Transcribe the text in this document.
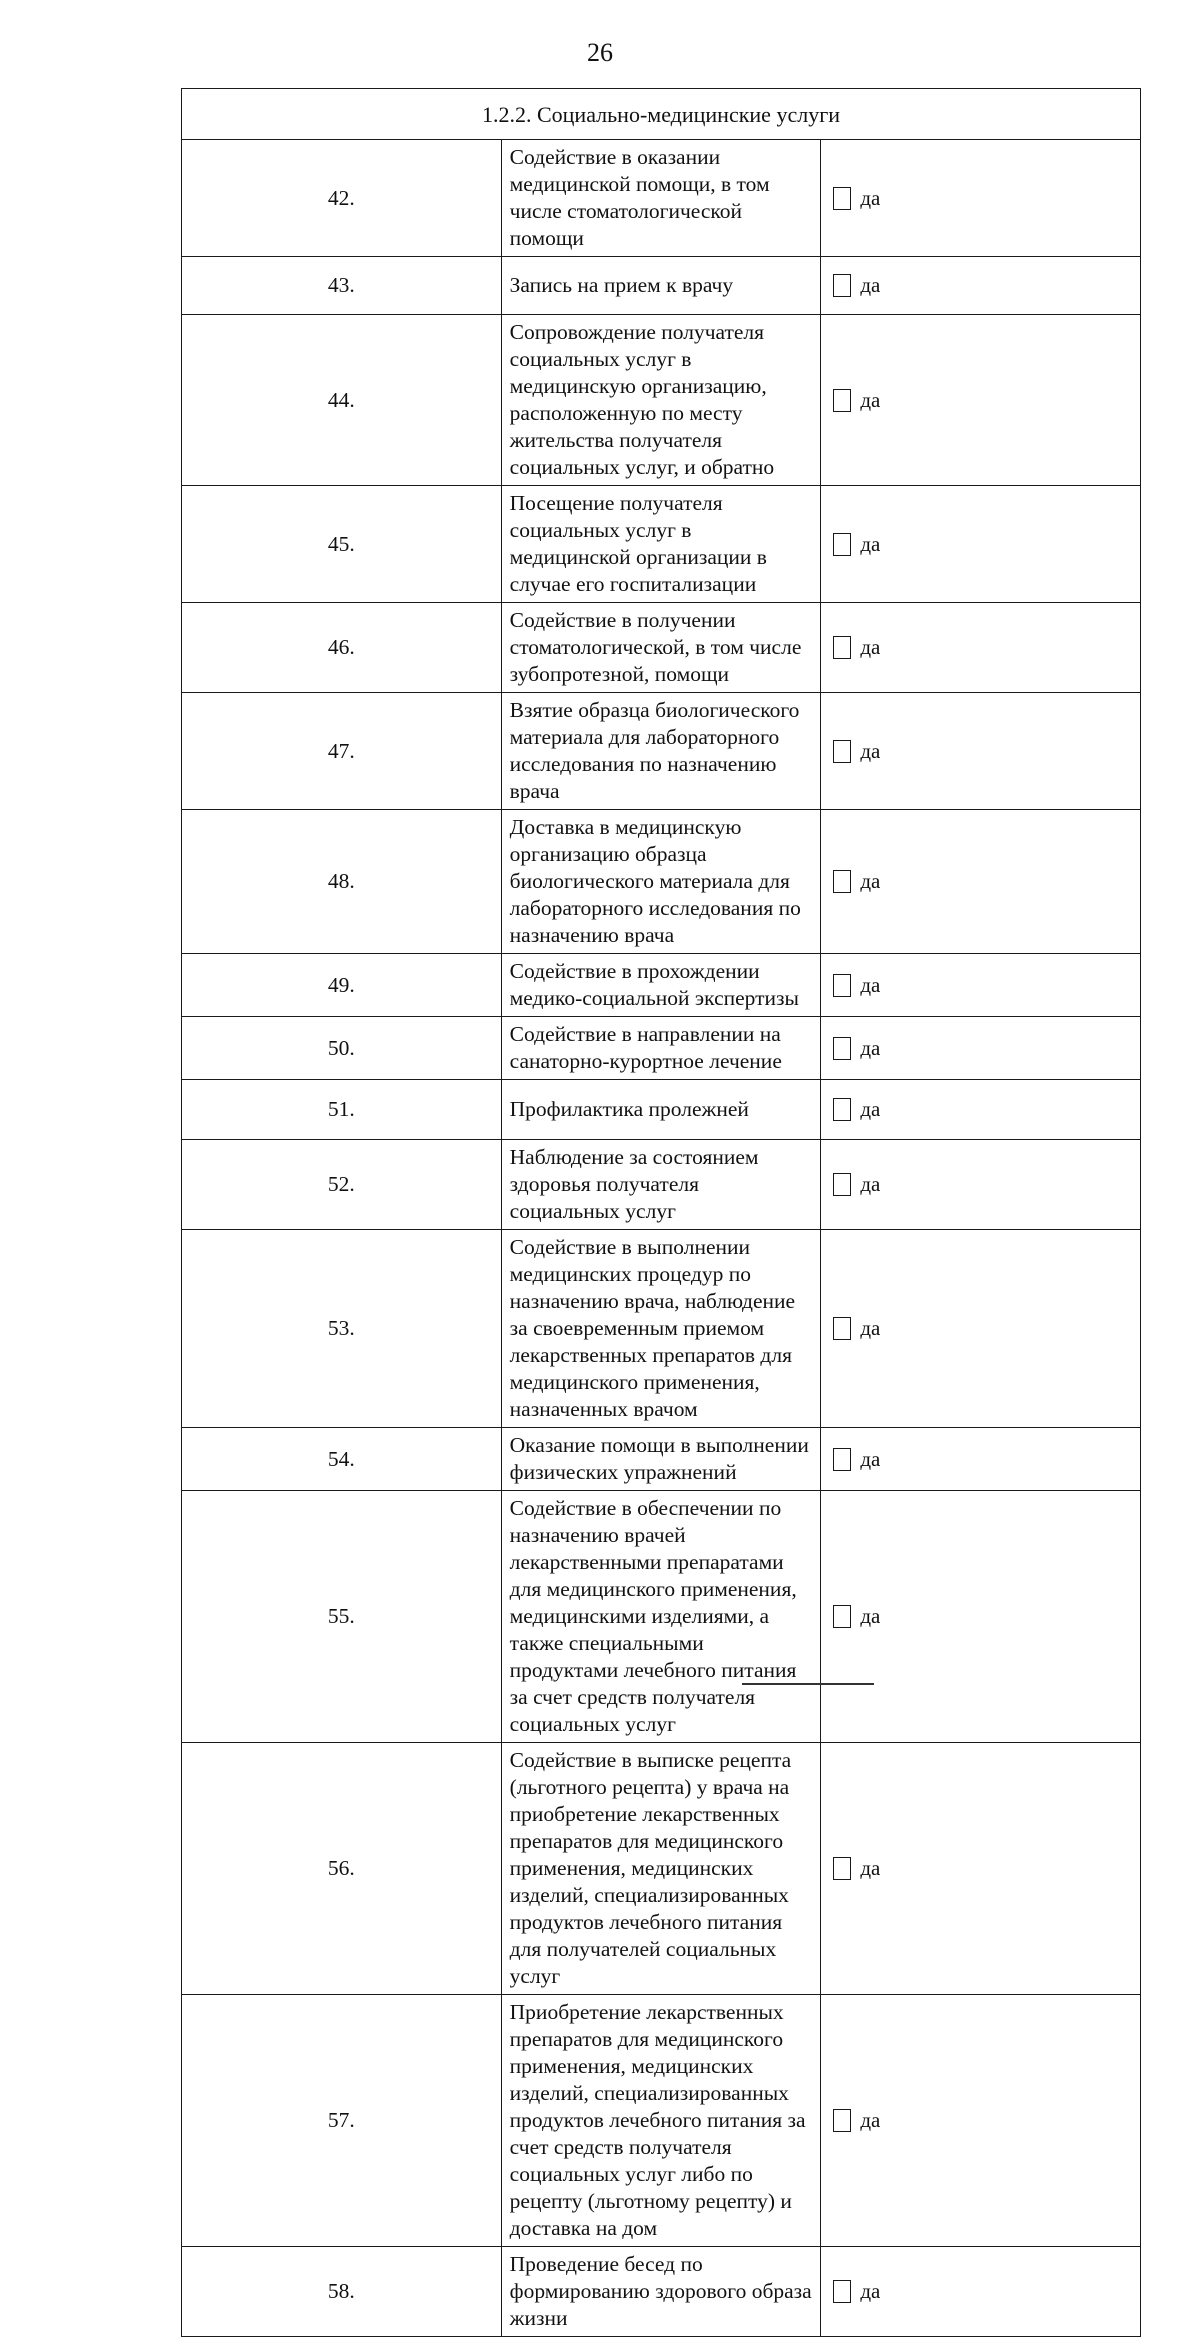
26
1.2.2. Социально-медицинские услуги		
42.	Содействие в оказании медицинской помощи, в том числе стоматологической помощи	да

43.	Запись на прием к врачу	да

44.	Сопровождение получателя социальных услуг в медицинскую организацию, расположенную по месту жительства получателя социальных услуг, и обратно	да

45.	Посещение получателя социальных услуг в медицинской организации в случае его госпитализации	да

46.	Содействие в получении стоматологической, в том числе зубопротезной, помощи	да

47.	Взятие образца биологического материала для лабораторного исследования по назначению врача	да

48.	Доставка в медицинскую организацию образца биологического материала для лабораторного исследования по назначению врача	да

49.	Содействие в прохождении медико-социальной экспертизы	да

50.	Содействие в направлении на санаторно-курортное лечение	да

51.	Профилактика пролежней	да

52.	Наблюдение за состоянием здоровья получателя социальных услуг	да

53.	Содействие в выполнении медицинских процедур по назначению врача, наблюдение за своевременным приемом лекарственных препаратов для медицинского применения, назначенных врачом	да

54.	Оказание помощи в выполнении физических упражнений	да

55.	Содействие в обеспечении по назначению врачей лекарственными препаратами для медицинского применения, медицинскими изделиями, а также специальными продуктами лечебного питания за счет средств получателя социальных услуг	да

56.	Содействие в выписке рецепта (льготного рецепта) у врача на приобретение лекарственных препаратов для медицинского применения, медицинских изделий, специализированных продуктов лечебного питания для получателей социальных услуг	да

57.	Приобретение лекарственных препаратов для медицинского применения, медицинских изделий, специализированных продуктов лечебного питания за счет средств получателя социальных услуг либо по рецепту (льготному рецепту) и доставка на дом	да

58.	Проведение бесед по формированию здорового образа жизни	да
